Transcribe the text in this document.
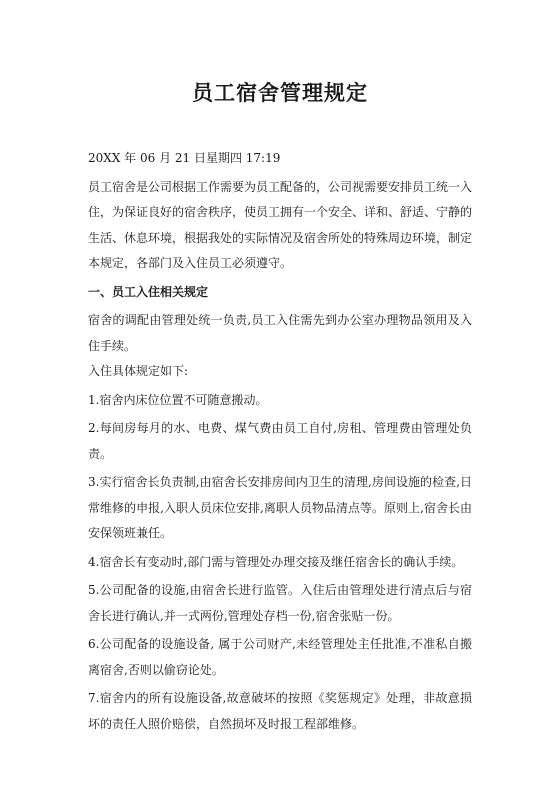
员工宿舍管理规定

20XX 年 06 月 21 日星期四 17:19

员工宿舍是公司根据工作需要为员工配备的，公司视需要安排员工统一入住，为保证良好的宿舍秩序，使员工拥有一个安全、详和、舒适、宁静的生活、休息环境，根据我处的实际情况及宿舍所处的特殊周边环境，制定本规定，各部门及入住员工必须遵守。

一、员工入住相关规定

宿舍的调配由管理处统一负责,员工入住需先到办公室办理物品领用及入住手续。

入住具体规定如下:

1.宿舍内床位位置不可随意搬动。

2.每间房每月的水、电费、煤气费由员工自付,房租、管理费由管理处负责。

3.实行宿舍长负责制,由宿舍长安排房间内卫生的清理,房间设施的检查,日常维修的申报,入职人员床位安排,离职人员物品清点等。原则上,宿舍长由安保领班兼任。

4.宿舍长有变动时,部门需与管理处办理交接及继任宿舍长的确认手续。

5.公司配备的设施,由宿舍长进行监管。入住后由管理处进行清点后与宿舍长进行确认,并一式两份,管理处存档一份,宿舍张贴一份。

6.公司配备的设施设备, 属于公司财产,未经管理处主任批准,不准私自搬离宿舍,否则以偷窃论处。

7.宿舍内的所有设施设备,故意破坏的按照《奖惩规定》处理，非故意损坏的责任人照价赔偿，自然损坏及时报工程部维修。
